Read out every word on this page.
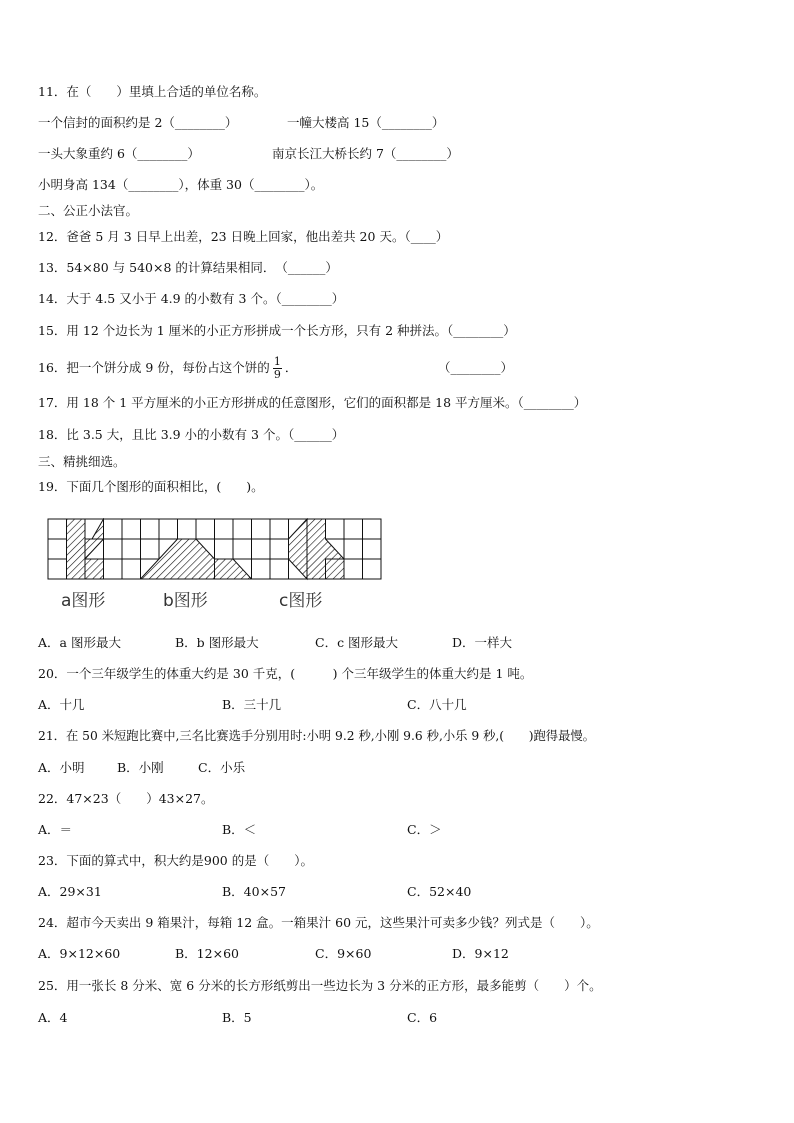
11．在（　　）里填上合适的单位名称。
一个信封的面积约是 2（________）	一幢大楼高 15（________）
一头大象重约 6（________）	南京长江大桥长约 7（________）
小明身高 134（________），体重 30（________）。
二、公正小法官。
12．爸爸 5 月 3 日早上出差，23 日晚上回家，他出差共 20 天。（____）
13．54×80 与 540×8 的计算结果相同．　（______）
14．大于 4.5 又小于 4.9 的小数有 3 个。（________）
15．用 12 个边长为 1 厘米的小正方形拼成一个长方形，只有 2 种拼法。（________）
16．把一个饼分成 9 份，每份占这个饼的 $\frac{1}{9}$ ．	（________）
17．用 18 个 1 平方厘米的小正方形拼成的任意图形，它们的面积都是 18 平方厘米。（________）
18．比 3.5 大，且比 3.9 小的小数有 3 个。（______）
三、精挑细选。
19．下面几个图形的面积相比，(　　)。
a图形	b图形	c图形
A．a 图形最大	B．b 图形最大	C．c 图形最大	D．一样大
20．一个三年级学生的体重大约是 30 千克，(　　　) 个三年级学生的体重大约是 1 吨。
A．十几	B．三十几	C．八十几
21．在 50 米短跑比赛中,三名比赛选手分别用时:小明 9.2 秒,小刚 9.6 秒,小乐 9 秒,(　　)跑得最慢。
A．小明	B．小刚	C．小乐
22．47×23（　　）43×27。
A．＝	B．＜	C．＞
23．下面的算式中，积大约是900 的是（　　）。
A．29×31	B．40×57	C．52×40
24．超市今天卖出 9 箱果汁，每箱 12 盒。一箱果汁 60 元，这些果汁可卖多少钱？列式是（　　）。
A．9×12×60	B．12×60	C．9×60	D．9×12
25．用一张长 8 分米、宽 6 分米的长方形纸剪出一些边长为 3 分米的正方形，最多能剪（　　）个。
A．4	B．5	C．6
